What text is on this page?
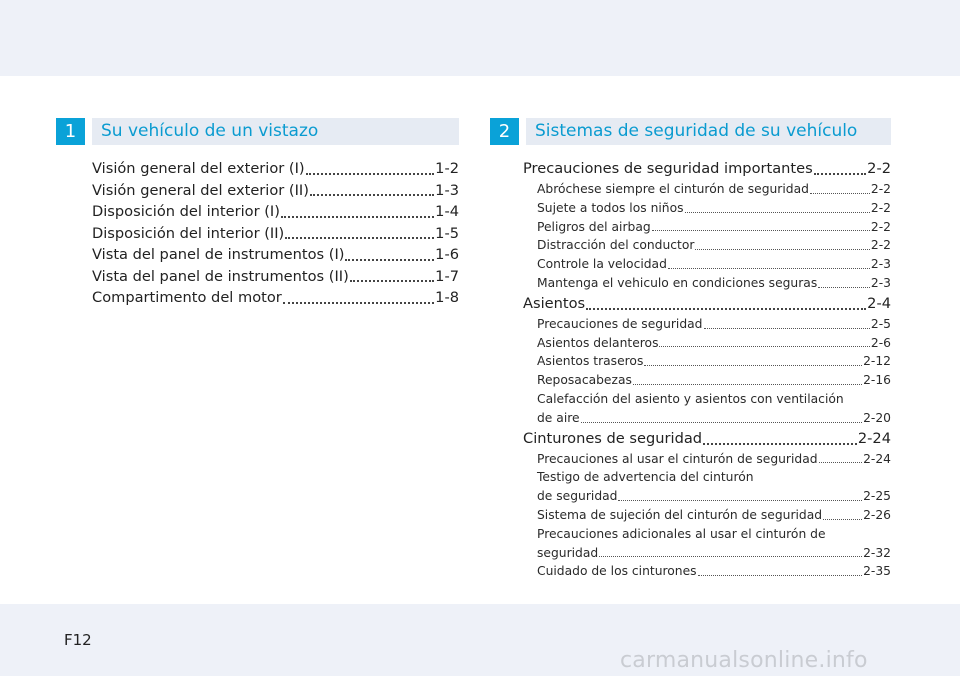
1	Su vehículo de un vistazo
Visión general del exterior (I)	1-2
Visión general del exterior (II)	1-3
Disposición del interior (I)	1-4
Disposición del interior (II)	1-5
Vista del panel de instrumentos (I)	1-6
Vista del panel de instrumentos (II)	1-7
Compartimento del motor	1-8
2	Sistemas de seguridad de su vehículo
Precauciones de seguridad importantes	2-2
Abróchese siempre el cinturón de seguridad	2-2
Sujete a todos los niños	2-2
Peligros del airbag	2-2
Distracción del conductor	2-2
Controle la velocidad	2-3
Mantenga el vehiculo en condiciones seguras	2-3
Asientos	2-4
Precauciones de seguridad	2-5
Asientos delanteros	2-6
Asientos traseros	2-12
Reposacabezas	2-16
Calefacción del asiento y asientos con ventilación
de aire	2-20
Cinturones de seguridad	2-24
Precauciones al usar el cinturón de seguridad	2-24
Testigo de advertencia del cinturón
de seguridad	2-25
Sistema de sujeción del cinturón de seguridad	2-26
Precauciones adicionales al usar el cinturón de
seguridad	2-32
Cuidado de los cinturones	2-35
F12
carmanualsonline.info
